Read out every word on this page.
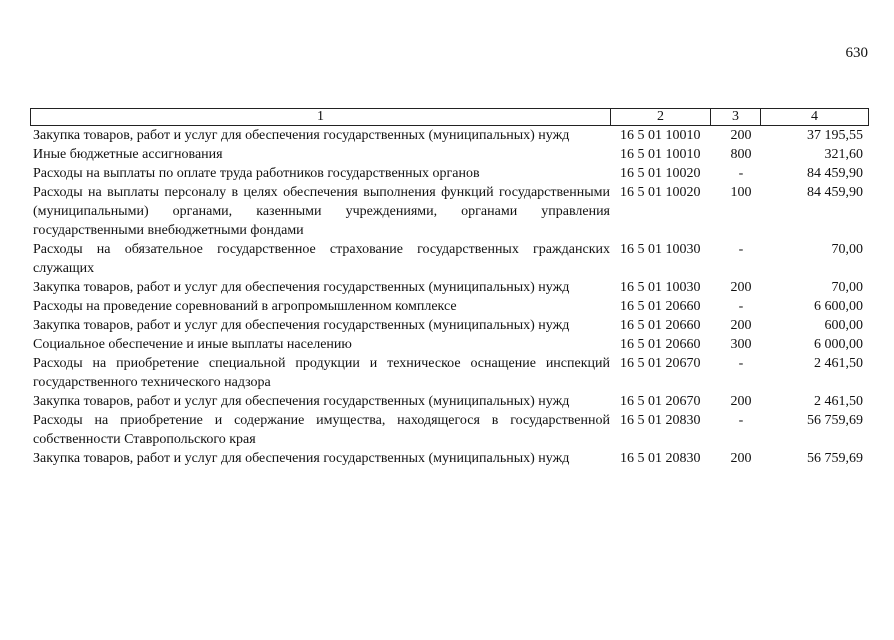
630
1	2	3	4
Закупка товаров, работ и услуг для обеспечения государственных (муниципальных) нужд	16 5 01 10010	200	37 195,55
Иные бюджетные ассигнования	16 5 01 10010	800	321,60
Расходы на выплаты по оплате труда работников государственных органов	16 5 01 10020	-	84 459,90
Расходы на выплаты персоналу в целях обеспечения выполнения функций государственными (муниципальными) органами, казенными учреждениями, органами управления государственными внебюджетными фондами	16 5 01 10020	100	84 459,90
Расходы на обязательное государственное страхование государственных гражданских служащих	16 5 01 10030	-	70,00
Закупка товаров, работ и услуг для обеспечения государственных (муниципальных) нужд	16 5 01 10030	200	70,00
Расходы на проведение соревнований в агропромышленном комплексе	16 5 01 20660	-	6 600,00
Закупка товаров, работ и услуг для обеспечения государственных (муниципальных) нужд	16 5 01 20660	200	600,00
Социальное обеспечение и иные выплаты населению	16 5 01 20660	300	6 000,00
Расходы на приобретение специальной продукции и техническое оснащение инспекций государственного технического надзора	16 5 01 20670	-	2 461,50
Закупка товаров, работ и услуг для обеспечения государственных (муниципальных) нужд	16 5 01 20670	200	2 461,50
Расходы на приобретение и содержание имущества, находящегося в государственной собственности Ставропольского края	16 5 01 20830	-	56 759,69
Закупка товаров, работ и услуг для обеспечения государственных (муниципальных) нужд	16 5 01 20830	200	56 759,69
